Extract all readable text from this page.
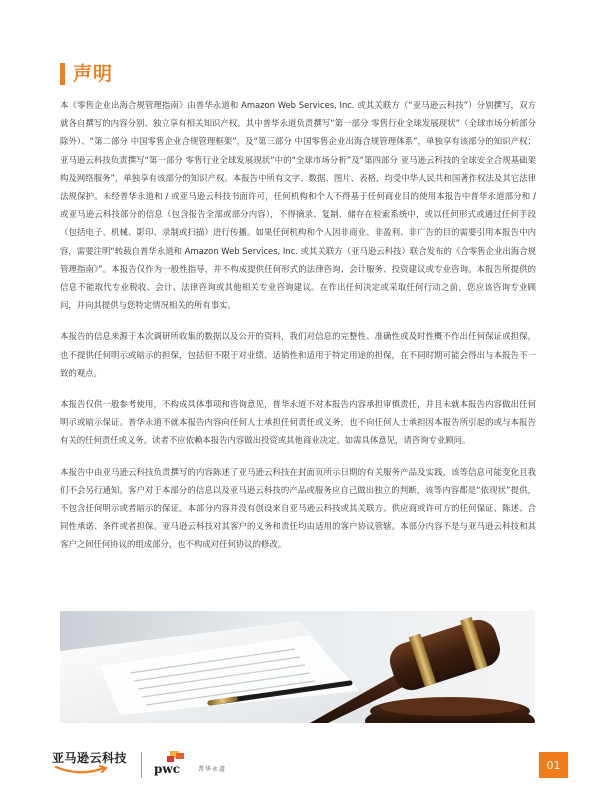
声明

本《零售企业出海合规管理指南》由普华永道和 Amazon Web Services, Inc. 或其关联方（“亚马逊云科技”）分别撰写，双方就各自撰写的内容分别、独立享有相关知识产权。其中普华永道负责撰写“第一部分 零售行业全球发展现状”（全球市场分析部分除外）、“第二部分 中国零售企业合规管理框架”，及“第三部分 中国零售企业出海合规管理体系”，单独享有该部分的知识产权；亚马逊云科技负责撰写“第一部分 零售行业全球发展现状”中的“全球市场分析”及“第四部分 亚马逊云科技的全球安全合规基础架构及网络服务”，单独享有该部分的知识产权。本报告中所有文字、数据、图片、表格，均受中华人民共和国著作权法及其它法律法规保护。未经普华永道和 / 或亚马逊云科技书面许可，任何机构和个人不得基于任何商业目的使用本报告中普华永道部分和 / 或亚马逊云科技部分的信息（包含报告全部或部分内容），不得摘录、复制、储存在检索系统中，或以任何形式或通过任何手段（包括电子、机械、影印、录制或扫描）进行传播。如果任何机构和个人因非商业、非盈利、非广告的目的需要引用本报告中内容，需要注明“转载自普华永道和 Amazon Web Services, Inc. 或其关联方（亚马逊云科技）联合发布的《合零售企业出海合规管理指南》”。本报告仅作为一般性指导，并不构成提供任何形式的法律咨询、会计服务、投资建议或专业咨询。本报告所提供的信息不能取代专业税收、会计、法律咨询或其他相关专业咨询建议。在作出任何决定或采取任何行动之前，您应该咨询专业顾问，并向其提供与您特定情况相关的所有事实。

本报告的信息来源于本次调研所收集的数据以及公开的资料，我们对信息的完整性、准确性或及时性概不作出任何保证或担保，也不提供任何明示或暗示的担保，包括但不限于对业绩、适销性和适用于特定用途的担保，在不同时期可能会得出与本报告不一致的观点。

本报告仅供一般参考使用，不构成具体事项和咨询意见，普华永道不对本报告内容承担审慎责任，并且未就本报告内容做出任何明示或暗示保证。普华永道不就本报告内容向任何人士承担任何责任或义务，也不向任何人士承担因本报告所引起的或与本报告有关的任何责任或义务。读者不应依赖本报告内容做出投资或其他商业决定。如需具体意见，请咨询专业顾问。

本报告中由亚马逊云科技负责撰写的内容陈述了亚马逊云科技在封面页所示日期的有关服务产品及实践，该等信息可能变化且我们不会另行通知。客户对于本部分的信息以及亚马逊云科技的产品或服务应自己做出独立的判断，该等内容都是“依现状”提供，不包含任何明示或者暗示的保证。本部分内容并没有创设来自亚马逊云科技或其关联方、供应商或许可方的任何保证、陈述、合同性承诺、条件或者担保。亚马逊云科技对其客户的义务和责任均由适用的客户协议管辖。本部分内容不是与亚马逊云科技和其客户之间任何协议的组成部分，也不构成对任何协议的修改。

亚马逊云科技
pwc	普华永道	01
